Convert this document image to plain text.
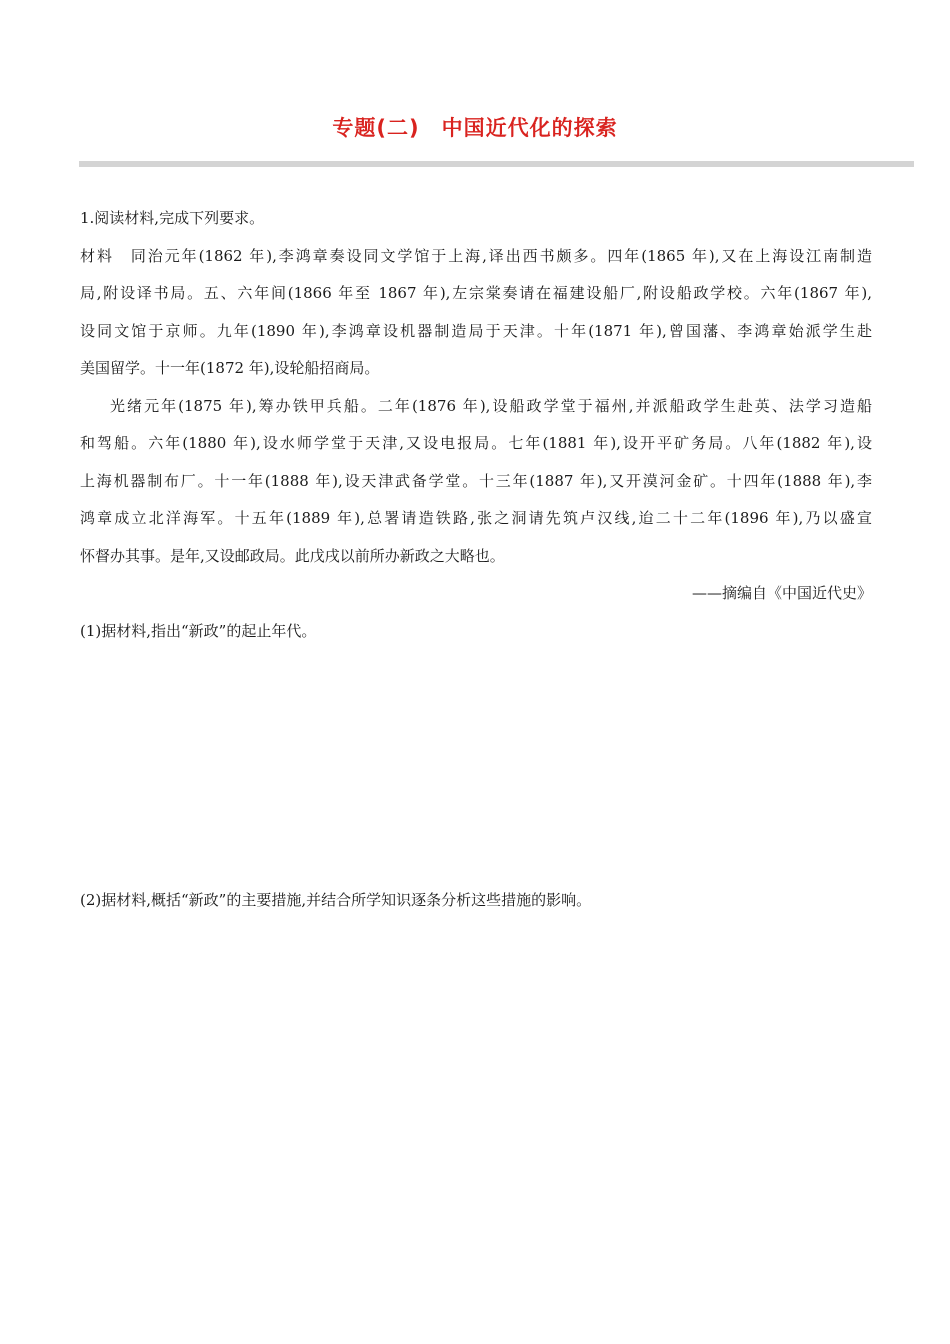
专题(二)　中国近代化的探索

1.阅读材料,完成下列要求。

材料　同治元年(1862 年),李鸿章奏设同文学馆于上海,译出西书颇多。四年(1865 年),又在上海设江南制造

局,附设译书局。五、六年间(1866 年至 1867 年),左宗棠奏请在福建设船厂,附设船政学校。六年(1867 年),

设同文馆于京师。九年(1890 年),李鸿章设机器制造局于天津。十年(1871 年),曾国藩、李鸿章始派学生赴

美国留学。十一年(1872 年),设轮船招商局。

光绪元年(1875 年),筹办铁甲兵船。二年(1876 年),设船政学堂于福州,并派船政学生赴英、法学习造船

和驾船。六年(1880 年),设水师学堂于天津,又设电报局。七年(1881 年),设开平矿务局。八年(1882 年),设

上海机器制布厂。十一年(1888 年),设天津武备学堂。十三年(1887 年),又开漠河金矿。十四年(1888 年),李

鸿章成立北洋海军。十五年(1889 年),总署请造铁路,张之洞请先筑卢汉线,迨二十二年(1896 年),乃以盛宣

怀督办其事。是年,又设邮政局。此戊戌以前所办新政之大略也。

——摘编自《中国近代史》

(1)据材料,指出“新政”的起止年代。

(2)据材料,概括“新政”的主要措施,并结合所学知识逐条分析这些措施的影响。
